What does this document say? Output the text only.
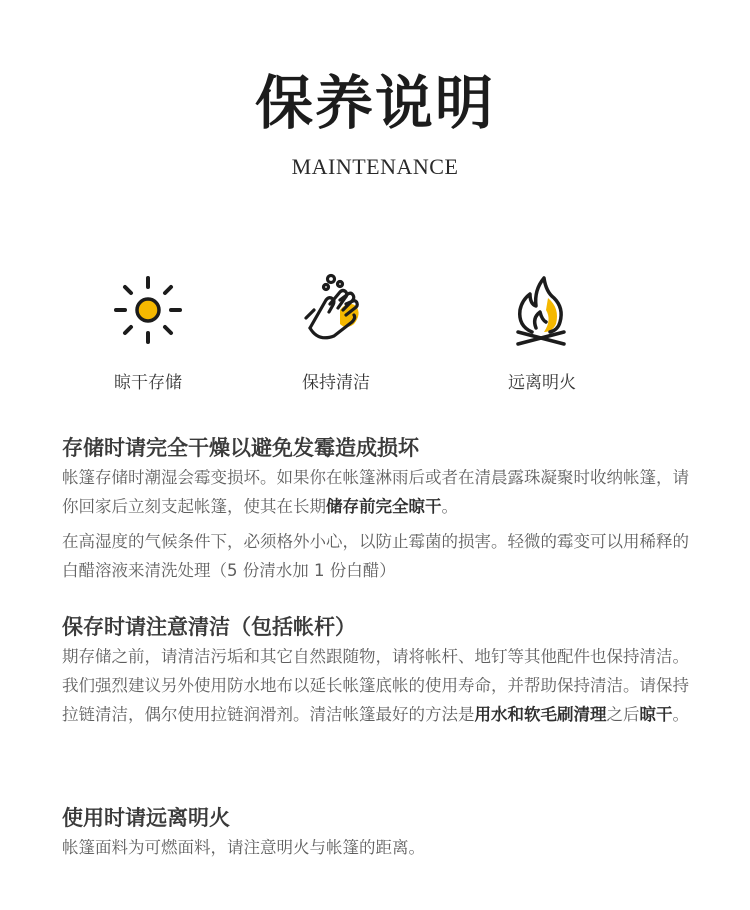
保养说明
MAINTENANCE
晾干存储	保持清洁	远离明火
存储时请完全干燥以避免发霉造成损坏
帐篷存储时潮湿会霉变损坏。如果你在帐篷淋雨后或者在清晨露珠凝聚时收纳帐篷，请你回家后立刻支起帐篷，使其在长期储存前完全晾干。
在高湿度的气候条件下，必须格外小心，以防止霉菌的损害。轻微的霉变可以用稀释的白醋溶液来清洗处理（5 份清水加 1 份白醋）
保存时请注意清洁（包括帐杆）
期存储之前，请清洁污垢和其它自然跟随物，请将帐杆、地钉等其他配件也保持清洁。我们强烈建议另外使用防水地布以延长帐篷底帐的使用寿命，并帮助保持清洁。请保持拉链清洁，偶尔使用拉链润滑剂。清洁帐篷最好的方法是用水和软毛刷清理之后晾干。
使用时请远离明火
帐篷面料为可燃面料，请注意明火与帐篷的距离。
